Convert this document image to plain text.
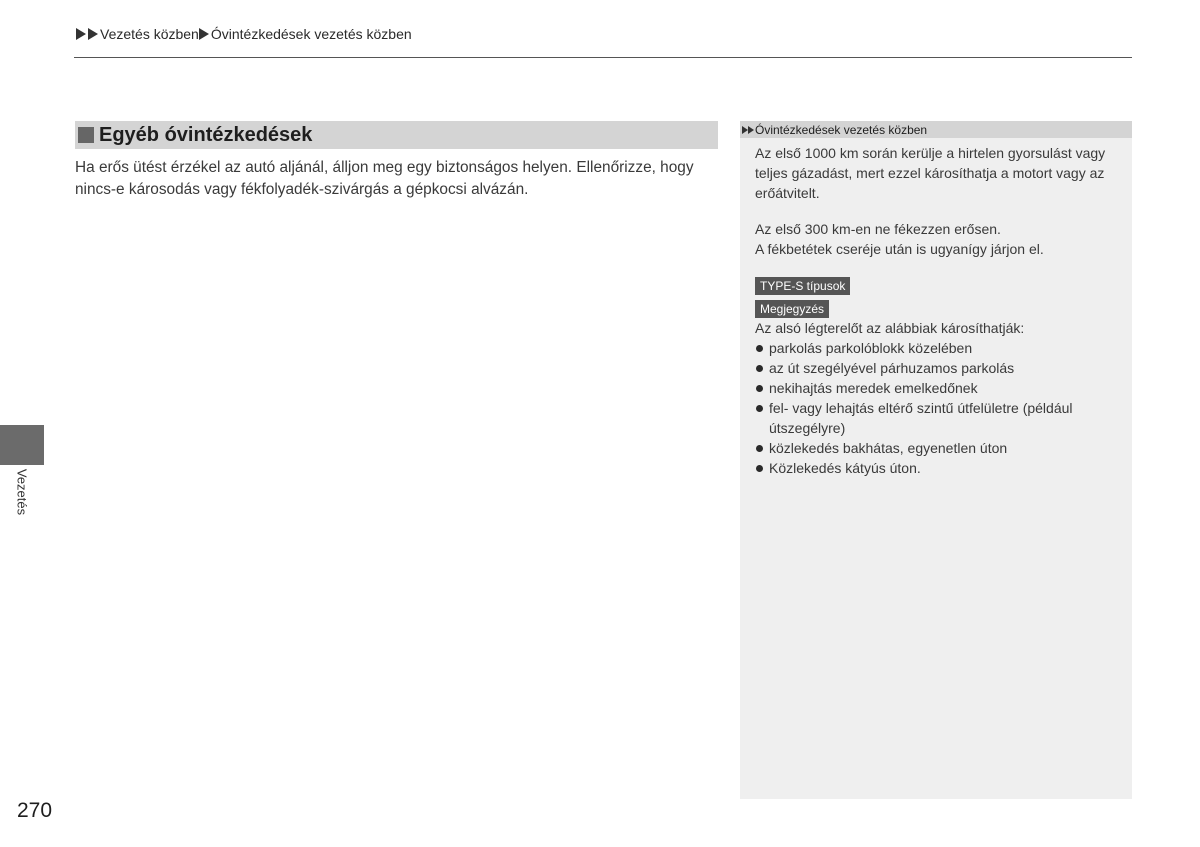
Vezetés közben Óvintézkedések vezetés közben
Vezetés
Egyéb óvintézkedések
Ha erős ütést érzékel az autó aljánál, álljon meg egy biztonságos helyen. Ellenőrizze, hogy nincs-e károsodás vagy fékfolyadék-szivárgás a gépkocsi alvázán.
Óvintézkedések vezetés közben

Az első 1000 km során kerülje a hirtelen gyorsulást vagy teljes gázadást, mert ezzel károsíthatja a motort vagy az erőátvitelt.

Az első 300 km-en ne fékezzen erősen.

A fékbetétek cseréje után is ugyanígy járjon el.

TYPE-S típusok
Megjegyzés

Az alsó légterelőt az alábbiak károsíthatják:

parkolás parkolóblokk közelében
az út szegélyével párhuzamos parkolás
nekihajtás meredek emelkedőnek
fel- vagy lehajtás eltérő szintű útfelületre (például útszegélyre)
közlekedés bakhátas, egyenetlen úton
Közlekedés kátyús úton.
270
